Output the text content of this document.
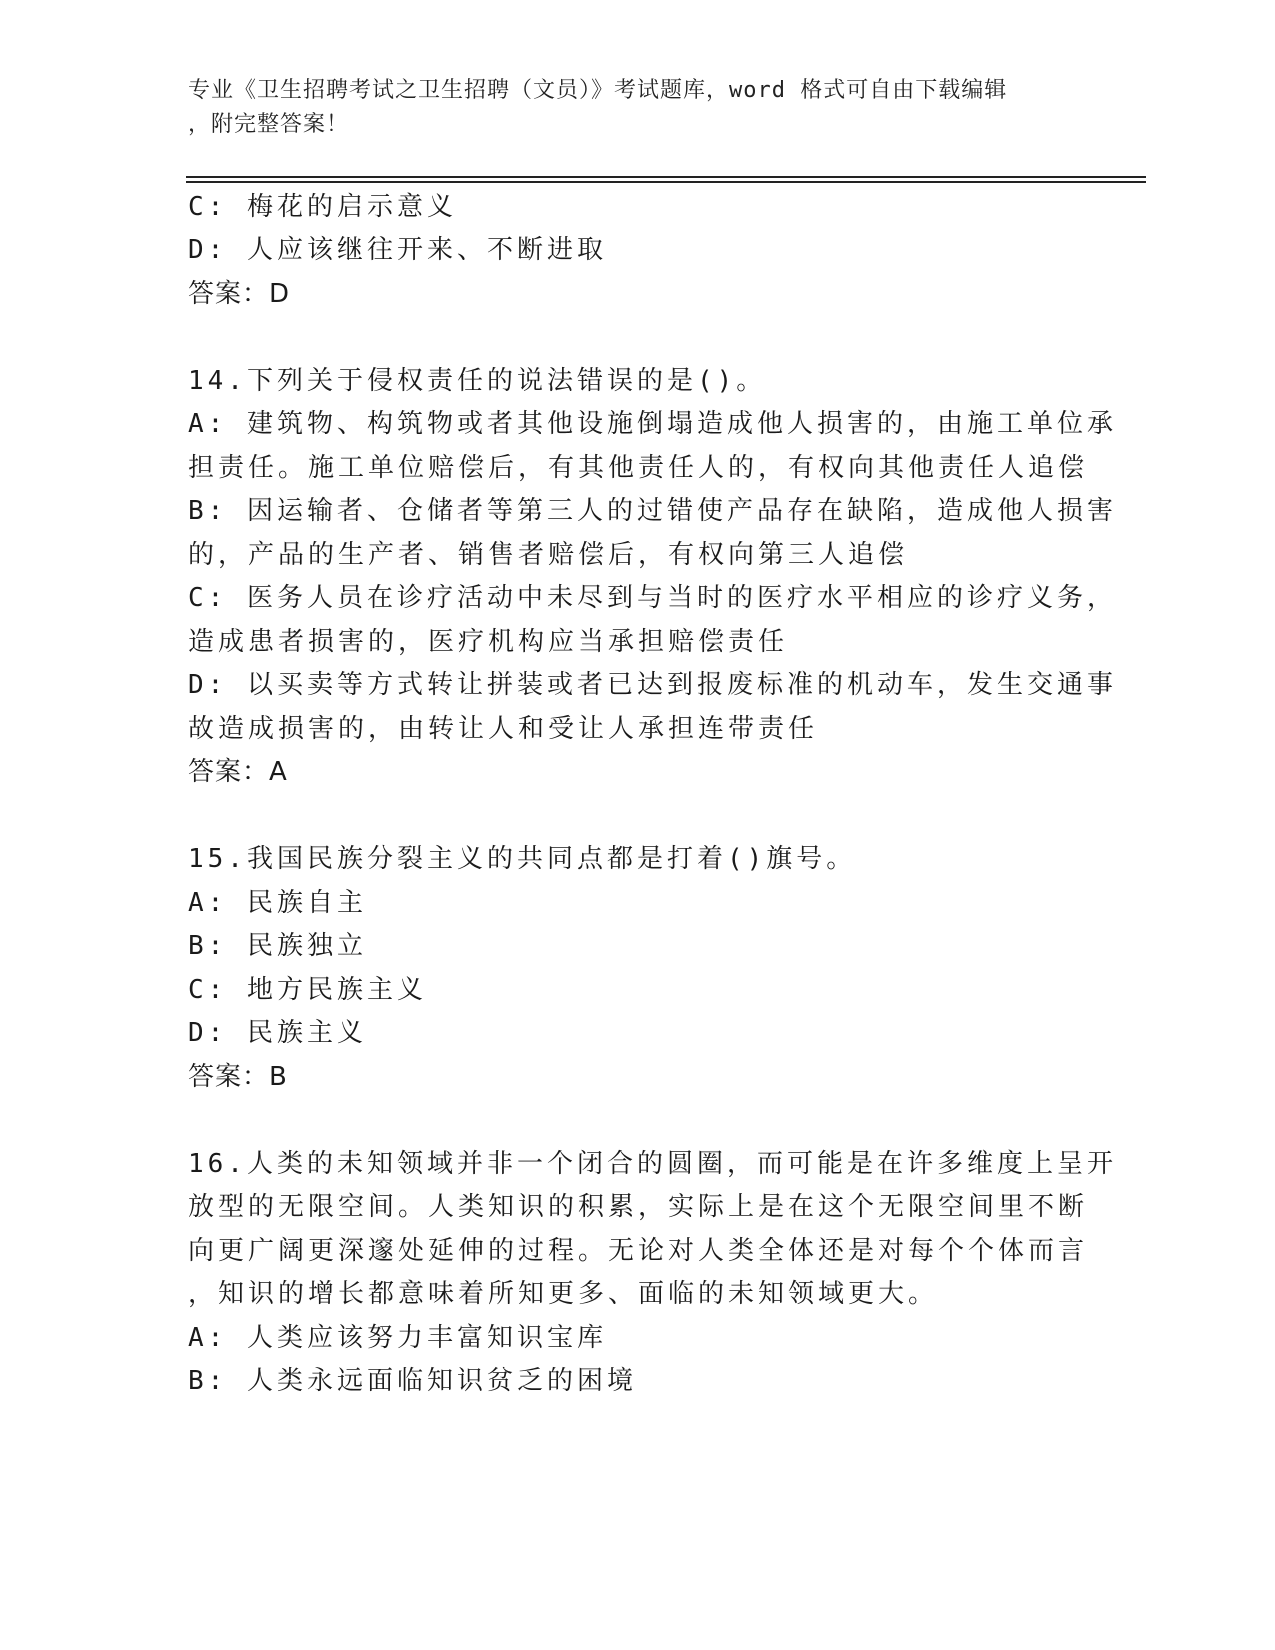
专业《卫生招聘考试之卫生招聘（文员）》考试题库，word 格式可自由下载编辑
，附完整答案！
C: 梅花的启示意义
D: 人应该继往开来、不断进取
答案：D
14.下列关于侵权责任的说法错误的是()。
A: 建筑物、构筑物或者其他设施倒塌造成他人损害的，由施工单位承
担责任。施工单位赔偿后，有其他责任人的，有权向其他责任人追偿
B: 因运输者、仓储者等第三人的过错使产品存在缺陷，造成他人损害
的，产品的生产者、销售者赔偿后，有权向第三人追偿
C: 医务人员在诊疗活动中未尽到与当时的医疗水平相应的诊疗义务，
造成患者损害的，医疗机构应当承担赔偿责任
D: 以买卖等方式转让拼装或者已达到报废标准的机动车，发生交通事
故造成损害的，由转让人和受让人承担连带责任
答案：A
15.我国民族分裂主义的共同点都是打着()旗号。
A: 民族自主
B: 民族独立
C: 地方民族主义
D: 民族主义
答案：B
16.人类的未知领域并非一个闭合的圆圈，而可能是在许多维度上呈开
放型的无限空间。人类知识的积累，实际上是在这个无限空间里不断
向更广阔更深邃处延伸的过程。无论对人类全体还是对每个个体而言
，知识的增长都意味着所知更多、面临的未知领域更大。
A: 人类应该努力丰富知识宝库
B: 人类永远面临知识贫乏的困境
